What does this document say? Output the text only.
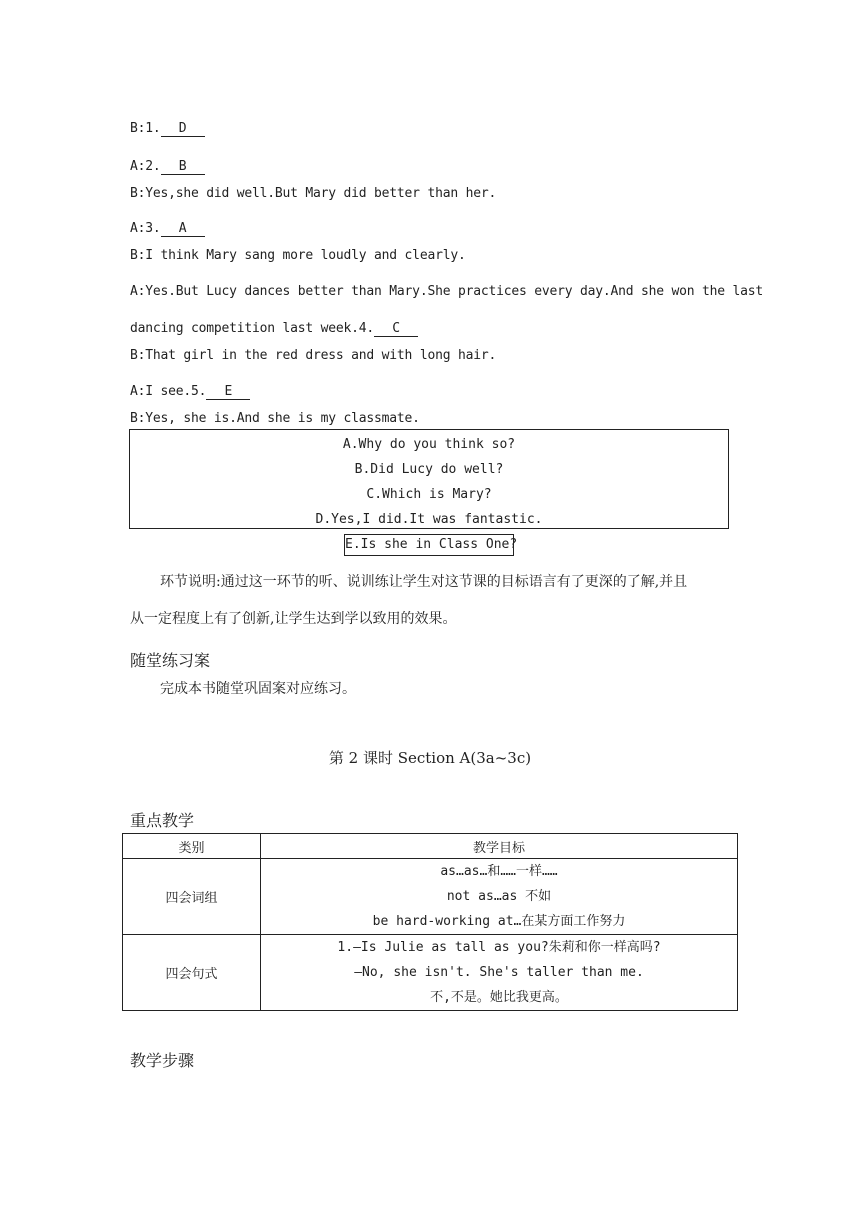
B:1. D
A:2. B
B:Yes,she did well.But Mary did better than her.
A:3. A
B:I think Mary sang more loudly and clearly.
A:Yes.But Lucy dances better than Mary.She practices every day.And she won the last
dancing competition last week.4. C
B:That girl in the red dress and with long hair.
A:I see.5. E
B:Yes, she is.And she is my classmate.
A.Why do you think so?
B.Did Lucy do well?
C.Which is Mary?
D.Yes,I did.It was fantastic.
E.Is she in Class One?
环节说明:通过这一环节的听、说训练让学生对这节课的目标语言有了更深的了解,并且
从一定程度上有了创新,让学生达到学以致用的效果。
随堂练习案
完成本书随堂巩固案对应练习。
第 2 课时 Section A(3a~3c)
重点教学
类别	教学目标
四会词组	as…as…和……一样……
not as…as 不如
be hard-working at…在某方面工作努力

四会句式	1.—Is Julie as tall as you?朱莉和你一样高吗?
—No, she isn't. She's taller than me.
不,不是。她比我更高。
教学步骤
